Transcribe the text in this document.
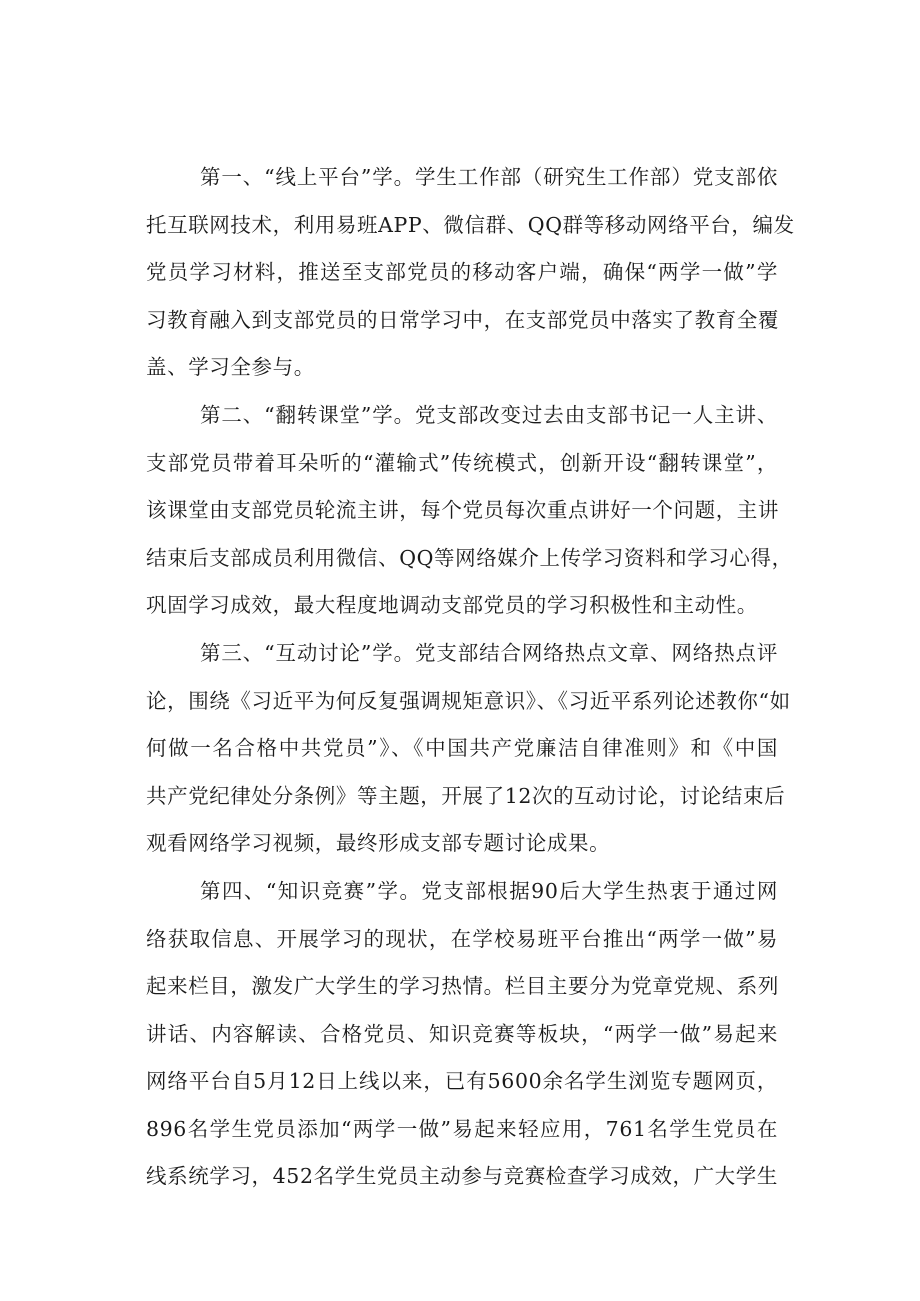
第一、“线上平台”学。学生工作部（研究生工作部）党支部依
托互联网技术，利用易班APP、微信群、QQ群等移动网络平台，编发
党员学习材料，推送至支部党员的移动客户端，确保“两学一做”学
习教育融入到支部党员的日常学习中，在支部党员中落实了教育全覆
盖、学习全参与。
第二、“翻转课堂”学。党支部改变过去由支部书记一人主讲、
支部党员带着耳朵听的“灌输式”传统模式，创新开设“翻转课堂”，
该课堂由支部党员轮流主讲，每个党员每次重点讲好一个问题，主讲
结束后支部成员利用微信、QQ等网络媒介上传学习资料和学习心得，
巩固学习成效，最大程度地调动支部党员的学习积极性和主动性。
第三、“互动讨论”学。党支部结合网络热点文章、网络热点评
论，围绕《习近平为何反复强调规矩意识》、《习近平系列论述教你“如
何做一名合格中共党员”》、《中国共产党廉洁自律准则》和《中国
共产党纪律处分条例》等主题，开展了12次的互动讨论，讨论结束后
观看网络学习视频，最终形成支部专题讨论成果。
第四、“知识竞赛”学。党支部根据90后大学生热衷于通过网
络获取信息、开展学习的现状，在学校易班平台推出“两学一做”易
起来栏目，激发广大学生的学习热情。栏目主要分为党章党规、系列
讲话、内容解读、合格党员、知识竞赛等板块，“两学一做”易起来
网络平台自5月12日上线以来，已有5600余名学生浏览专题网页，
896名学生党员添加“两学一做”易起来轻应用，761名学生党员在
线系统学习，452名学生党员主动参与竞赛检查学习成效，广大学生
